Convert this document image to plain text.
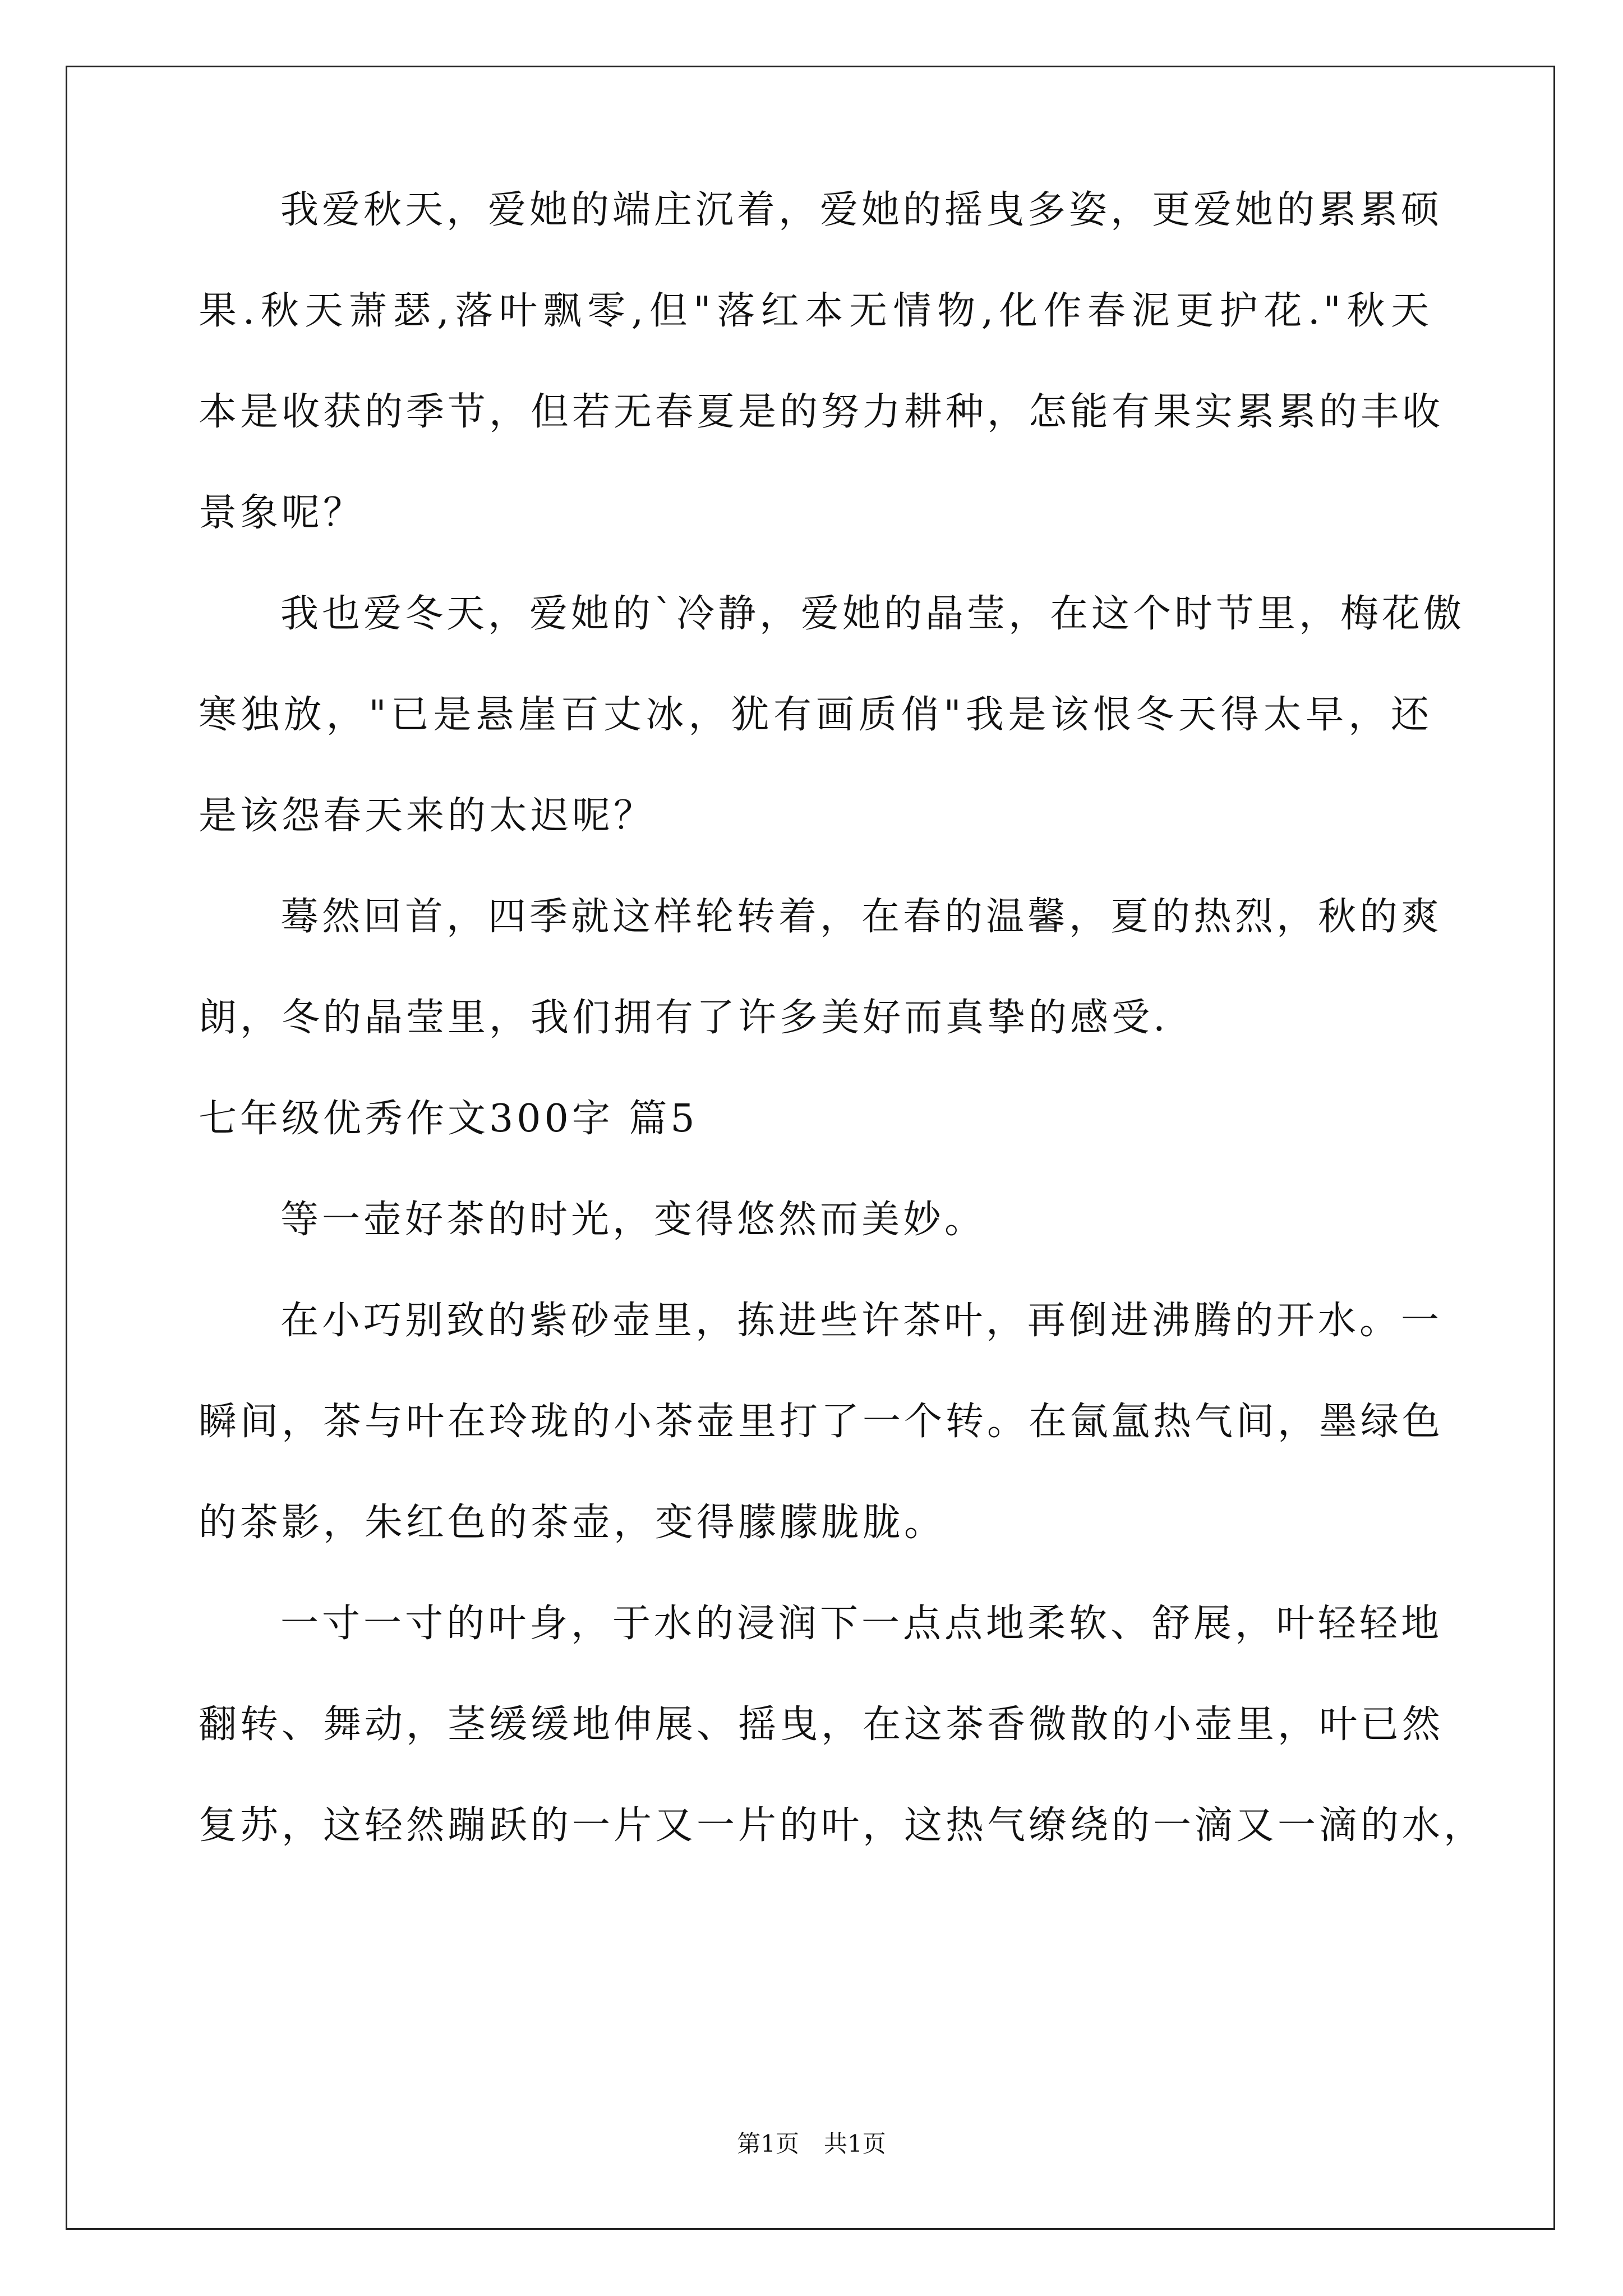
我爱秋天，爱她的端庄沉着，爱她的摇曳多姿，更爱她的累累硕
果.秋天萧瑟,落叶飘零,但"落红本无情物,化作春泥更护花."秋天
本是收获的季节，但若无春夏是的努力耕种，怎能有果实累累的丰收
景象呢？
我也爱冬天，爱她的`冷静，爱她的晶莹，在这个时节里，梅花傲
寒独放，"已是悬崖百丈冰，犹有画质俏"我是该恨冬天得太早，还
是该怨春天来的太迟呢？
蓦然回首，四季就这样轮转着，在春的温馨，夏的热烈，秋的爽
朗，冬的晶莹里，我们拥有了许多美好而真挚的感受.
七年级优秀作文300字 篇5
等一壶好茶的时光，变得悠然而美妙。
在小巧别致的紫砂壶里，拣进些许茶叶，再倒进沸腾的开水。一
瞬间，茶与叶在玲珑的小茶壶里打了一个转。在氤氲热气间，墨绿色
的茶影，朱红色的茶壶，变得朦朦胧胧。
一寸一寸的叶身，于水的浸润下一点点地柔软、舒展，叶轻轻地
翻转、舞动，茎缓缓地伸展、摇曳，在这茶香微散的小壶里，叶已然
复苏，这轻然蹦跃的一片又一片的叶，这热气缭绕的一滴又一滴的水，
第1页 共1页
